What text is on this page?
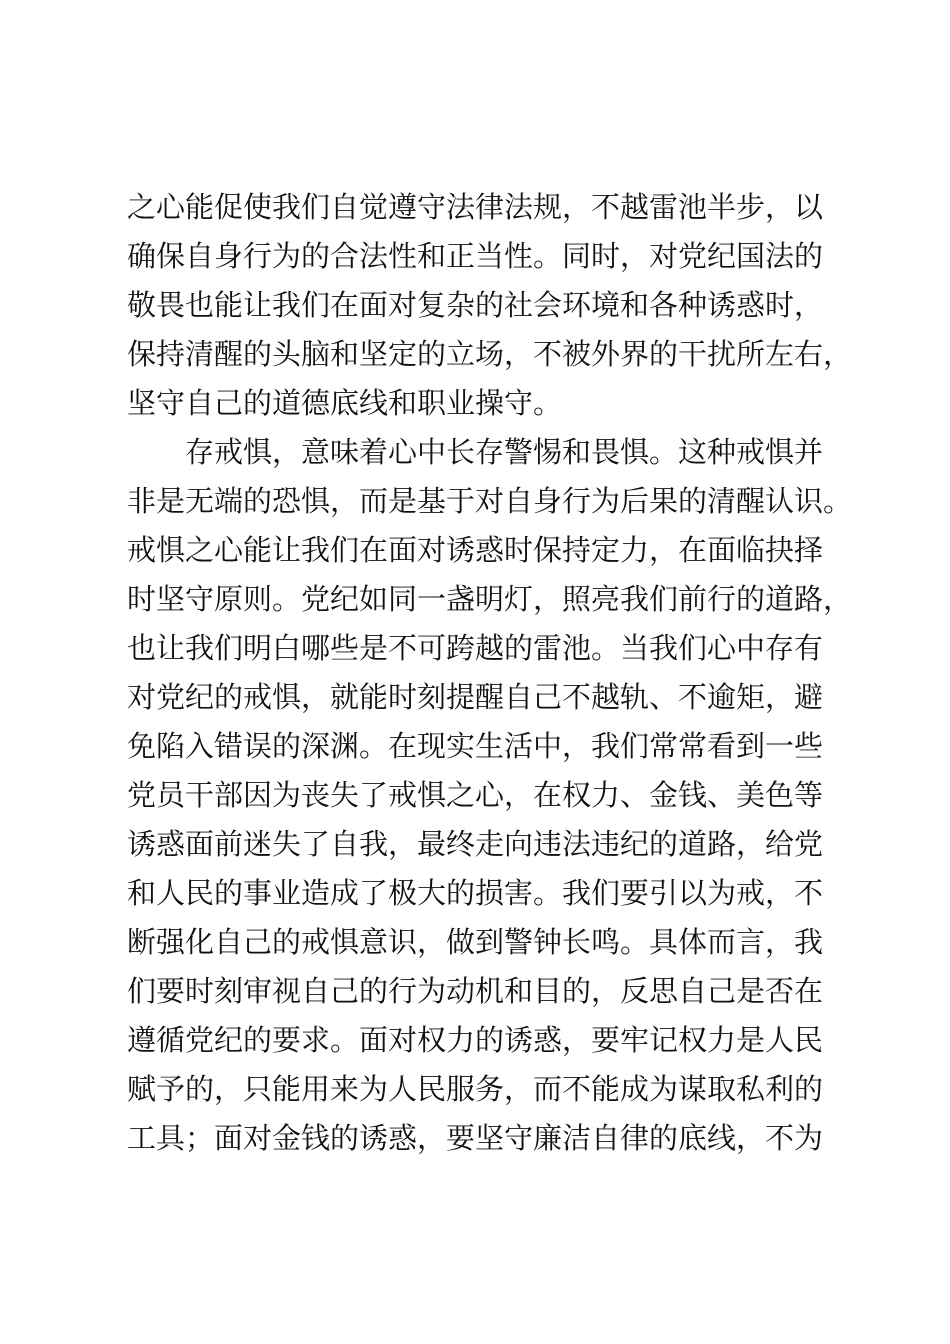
之心能促使我们自觉遵守法律法规，不越雷池半步，以
确保自身行为的合法性和正当性。同时，对党纪国法的
敬畏也能让我们在面对复杂的社会环境和各种诱惑时，
保持清醒的头脑和坚定的立场，不被外界的干扰所左右，
坚守自己的道德底线和职业操守。
存戒惧，意味着心中长存警惕和畏惧。这种戒惧并
非是无端的恐惧，而是基于对自身行为后果的清醒认识。
戒惧之心能让我们在面对诱惑时保持定力，在面临抉择
时坚守原则。党纪如同一盏明灯，照亮我们前行的道路，
也让我们明白哪些是不可跨越的雷池。当我们心中存有
对党纪的戒惧，就能时刻提醒自己不越轨、不逾矩，避
免陷入错误的深渊。在现实生活中，我们常常看到一些
党员干部因为丧失了戒惧之心，在权力、金钱、美色等
诱惑面前迷失了自我，最终走向违法违纪的道路，给党
和人民的事业造成了极大的损害。我们要引以为戒，不
断强化自己的戒惧意识，做到警钟长鸣。具体而言，我
们要时刻审视自己的行为动机和目的，反思自己是否在
遵循党纪的要求。面对权力的诱惑，要牢记权力是人民
赋予的，只能用来为人民服务，而不能成为谋取私利的
工具；面对金钱的诱惑，要坚守廉洁自律的底线，不为
